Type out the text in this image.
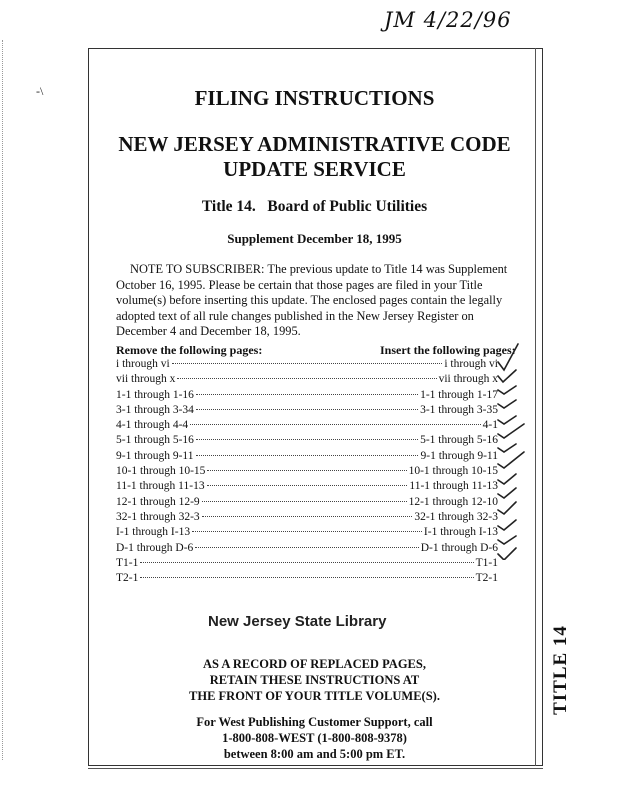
-\
JM 4/22/96
FILING INSTRUCTIONS
NEW JERSEY ADMINISTRATIVE CODE
UPDATE SERVICE
Title 14.   Board of Public Utilities
Supplement December 18, 1995
NOTE TO SUBSCRIBER: The previous update to Title 14 was Supplement October 16, 1995. Please be certain that those pages are filed in your Title volume(s) before inserting this update. The enclosed pages contain the legally adopted text of all rule changes published in the New Jersey Register on December 4 and December 18, 1995.
Remove the following pages:	Insert the following pages:
i through vi	i through vi
vii through x	vii through x
1-1 through 1-16	1-1 through 1-17
3-1 through 3-34	3-1 through 3-35
4-1 through 4-4	4-1
5-1 through 5-16	5-1 through 5-16
9-1 through 9-11	9-1 through 9-11
10-1 through 10-15	10-1 through 10-15
11-1 through 11-13	11-1 through 11-13
12-1 through 12-9	12-1 through 12-10
32-1 through 32-3	32-1 through 32-3
I-1 through I-13	I-1 through I-13
D-1 through D-6	D-1 through D-6
T1-1	T1-1
T2-1	T2-1
New Jersey State Library
AS A RECORD OF REPLACED PAGES,
RETAIN THESE INSTRUCTIONS AT
THE FRONT OF YOUR TITLE VOLUME(S).
For West Publishing Customer Support, call
1-800-808-WEST (1-800-808-9378)
between 8:00 am and 5:00 pm ET.
TITLE 14
